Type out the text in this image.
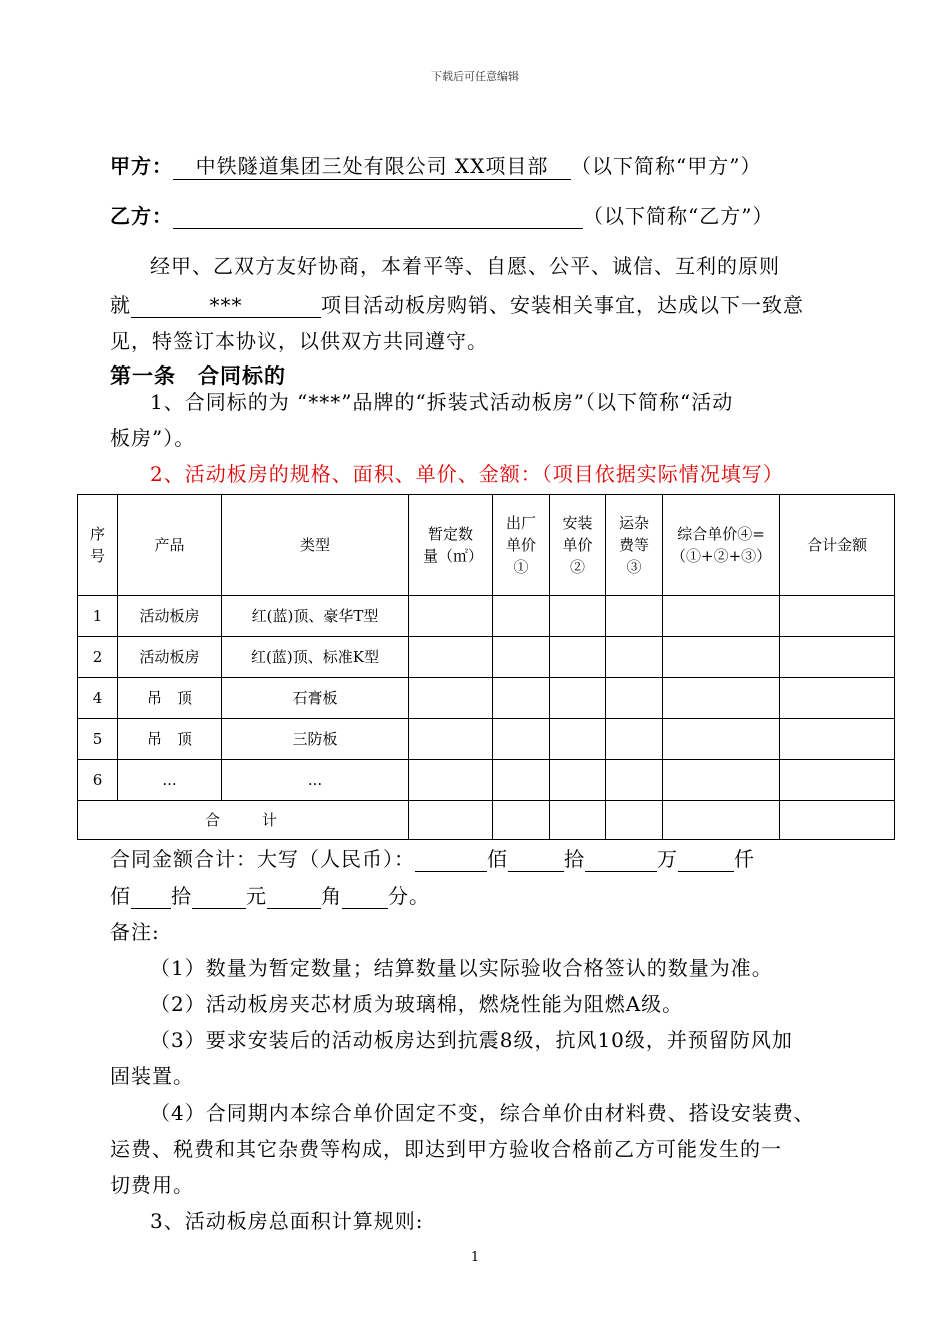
下载后可任意编辑
甲方： 中铁隧道集团三处有限公司 XX项目部 （以下简称“甲方”）
乙方：	（以下简称“乙方”）
经甲、乙双方友好协商，本着平等、自愿、公平、诚信、互利的原则
就	***	项目活动板房购销、安装相关事宜，达成以下一致意
见，特签订本协议，以供双方共同遵守。
第一条　合同标的
1、合同标的为 “***”品牌的“拆装式活动板房”（以下简称“活动
板房”）。
2、活动板房的规格、面积、单价、金额：（项目依据实际情况填写）
序号	产品	类型	暂定数量（㎡）	出厂单价①	安装单价②	运杂费等③	综合单价④=（①+②+③）	合计金额
1	活动板房	红(蓝)顶、豪华T型						
2	活动板房	红(蓝)顶、标准K型						
4	吊　顶	石膏板						
5	吊　顶	三防板						
6	...	...						
合　　计								
合同金额合计：大写（人民币）：	佰	拾	万	仟
佰 拾	元	角 分。
备注:
（1）数量为暂定数量；结算数量以实际验收合格签认的数量为准。
（2）活动板房夹芯材质为玻璃棉，燃烧性能为阻燃A级。
（3）要求安装后的活动板房达到抗震8级，抗风10级，并预留防风加
固装置。
（4）合同期内本综合单价固定不变，综合单价由材料费、搭设安装费、
运费、税费和其它杂费等构成，即达到甲方验收合格前乙方可能发生的一
切费用。
3、活动板房总面积计算规则:
1
